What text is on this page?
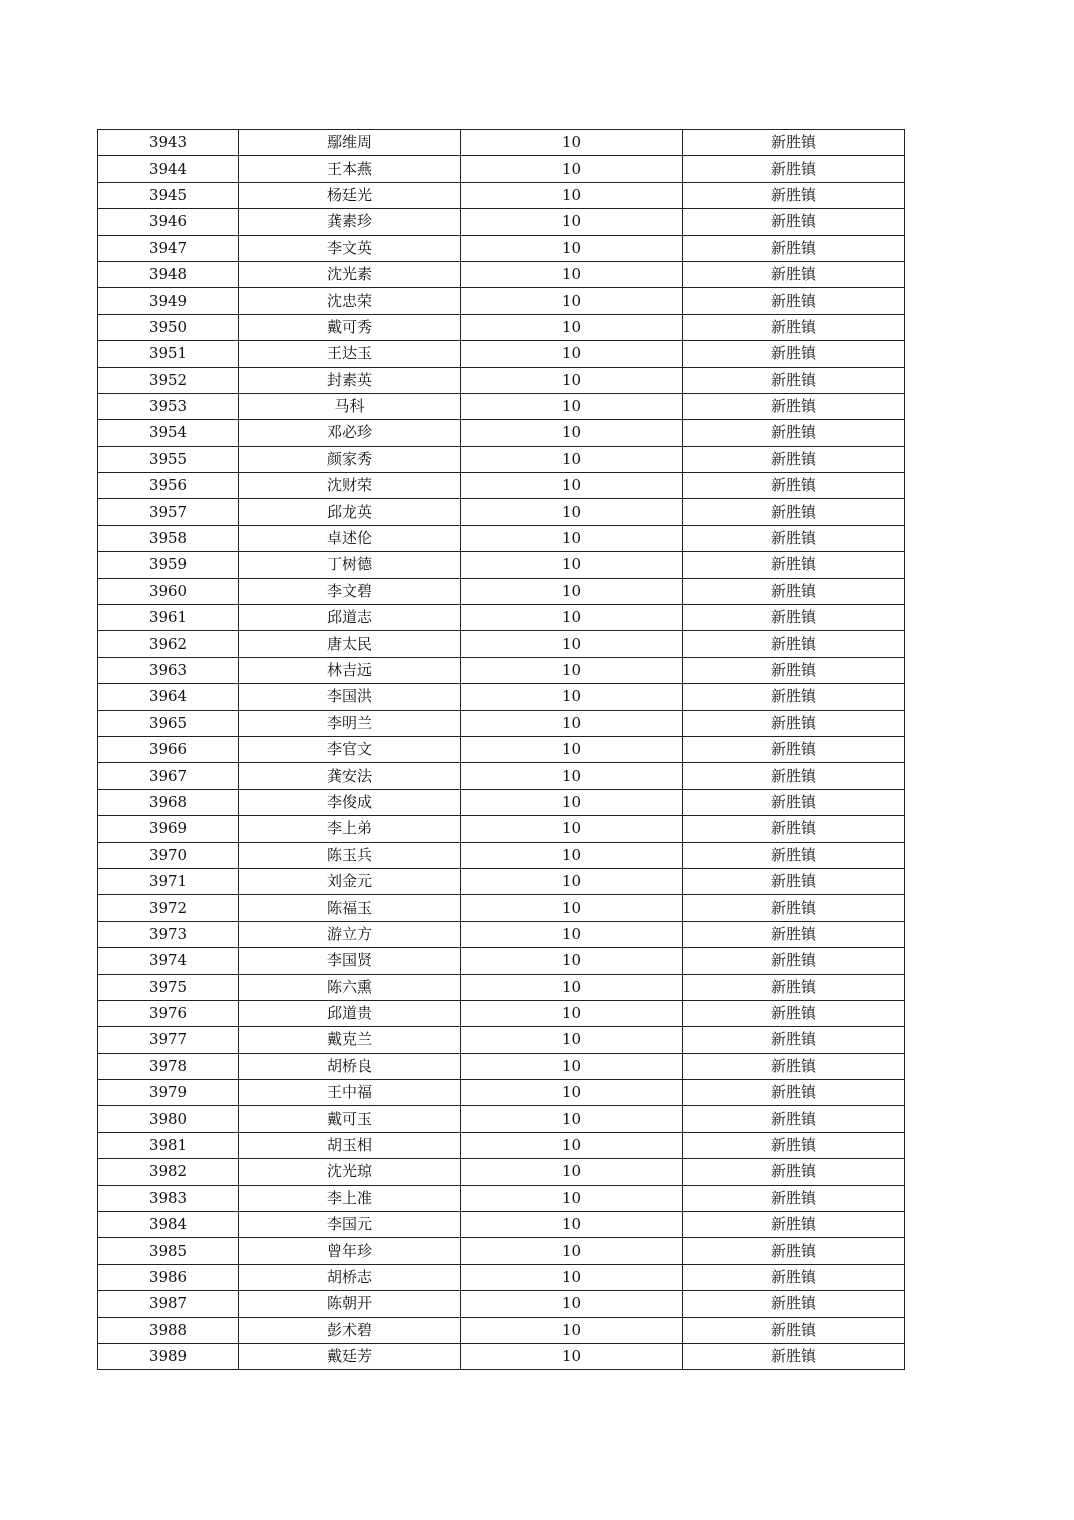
3943	鄢维周	10	新胜镇
3944	王本燕	10	新胜镇
3945	杨廷光	10	新胜镇
3946	龚素珍	10	新胜镇
3947	李文英	10	新胜镇
3948	沈光素	10	新胜镇
3949	沈忠荣	10	新胜镇
3950	戴可秀	10	新胜镇
3951	王达玉	10	新胜镇
3952	封素英	10	新胜镇
3953	马科	10	新胜镇
3954	邓必珍	10	新胜镇
3955	颜家秀	10	新胜镇
3956	沈财荣	10	新胜镇
3957	邱龙英	10	新胜镇
3958	卓述伦	10	新胜镇
3959	丁树德	10	新胜镇
3960	李文碧	10	新胜镇
3961	邱道志	10	新胜镇
3962	唐太民	10	新胜镇
3963	林吉远	10	新胜镇
3964	李国洪	10	新胜镇
3965	李明兰	10	新胜镇
3966	李官文	10	新胜镇
3967	龚安法	10	新胜镇
3968	李俊成	10	新胜镇
3969	李上弟	10	新胜镇
3970	陈玉兵	10	新胜镇
3971	刘金元	10	新胜镇
3972	陈福玉	10	新胜镇
3973	游立方	10	新胜镇
3974	李国贤	10	新胜镇
3975	陈六熏	10	新胜镇
3976	邱道贵	10	新胜镇
3977	戴克兰	10	新胜镇
3978	胡桥良	10	新胜镇
3979	王中福	10	新胜镇
3980	戴可玉	10	新胜镇
3981	胡玉相	10	新胜镇
3982	沈光琼	10	新胜镇
3983	李上准	10	新胜镇
3984	李国元	10	新胜镇
3985	曾年珍	10	新胜镇
3986	胡桥志	10	新胜镇
3987	陈朝开	10	新胜镇
3988	彭术碧	10	新胜镇
3989	戴廷芳	10	新胜镇
